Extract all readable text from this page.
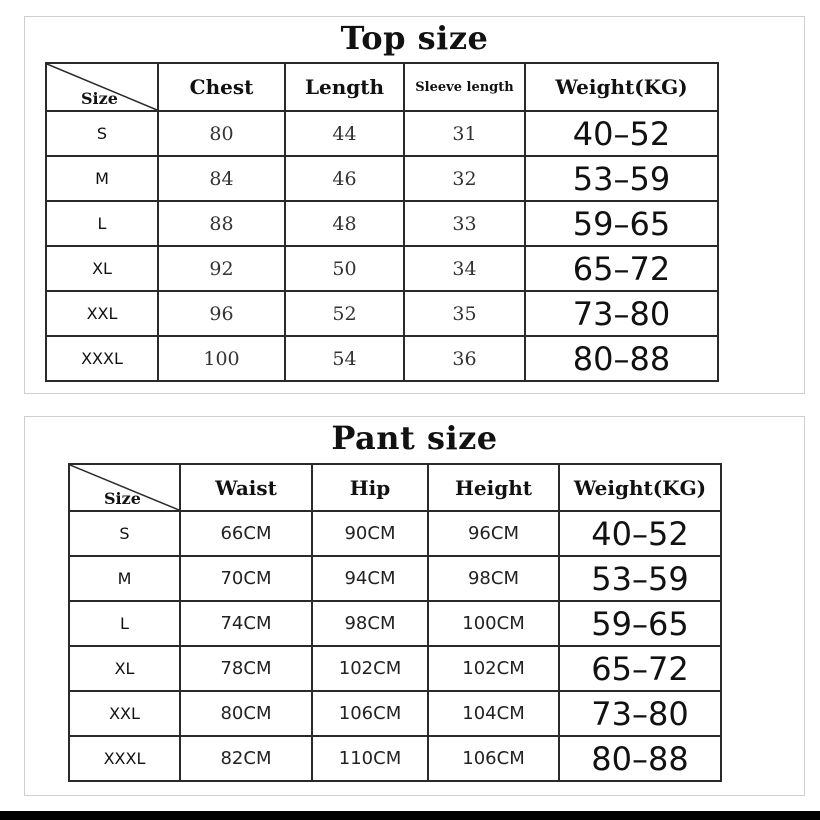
Top size
Size	Chest	Length	Sleeve length	Weight(KG)
S	80	44	31	40–52
M	84	46	32	53–59
L	88	48	33	59–65
XL	92	50	34	65–72
XXL	96	52	35	73–80
XXXL	100	54	36	80–88
Pant size
Size	Waist	Hip	Height	Weight(KG)
S	66CM	90CM	96CM	40–52
M	70CM	94CM	98CM	53–59
L	74CM	98CM	100CM	59–65
XL	78CM	102CM	102CM	65–72
XXL	80CM	106CM	104CM	73–80
XXXL	82CM	110CM	106CM	80–88
